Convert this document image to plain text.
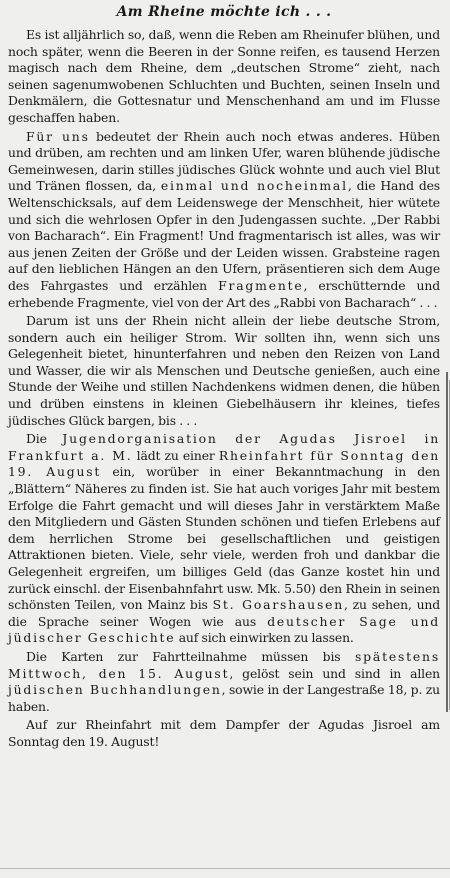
Am Rheine möchte ich . . .

Es ist alljährlich so, daß, wenn die Reben am Rheinufer blühen, und noch später, wenn die Beeren in der Sonne reifen, es tausend Herzen magisch nach dem Rheine, dem „deutschen Strome“ zieht, nach seinen sagenumwobenen Schluchten und Buchten, seinen Inseln und Denkmälern, die Gottesnatur und Menschenhand am und im Flusse geschaffen haben.

Für uns bedeutet der Rhein auch noch etwas anderes. Hüben und drüben, am rechten und am linken Ufer, waren blühende jüdische Gemeinwesen, darin stilles jüdisches Glück wohnte und auch viel Blut und Tränen flossen, da, einmal und nocheinmal, die Hand des Weltenschicksals, auf dem Leidenswege der Menschheit, hier wütete und sich die wehrlosen Opfer in den Judengassen suchte. „Der Rabbi von Bacharach“. Ein Fragment! Und fragmentarisch ist alles, was wir aus jenen Zeiten der Größe und der Leiden wissen. Grabsteine ragen auf den lieblichen Hängen an den Ufern, präsentieren sich dem Auge des Fahrgastes und erzählen Fragmente, erschütternde und erhebende Fragmente, viel von der Art des „Rabbi von Bacharach“ . . .

Darum ist uns der Rhein nicht allein der liebe deutsche Strom, sondern auch ein heiliger Strom. Wir sollten ihn, wenn sich uns Gelegenheit bietet, hinunterfahren und neben den Reizen von Land und Wasser, die wir als Menschen und Deutsche genießen, auch eine Stunde der Weihe und stillen Nachdenkens widmen denen, die hüben und drüben einstens in kleinen Giebelhäusern ihr kleines, tiefes jüdisches Glück bargen, bis . . .

Die Jugendorganisation der Agudas Jisroel in Frankfurt a. M. lädt zu einer Rheinfahrt für Sonntag den 19. August ein, worüber in einer Bekanntmachung in den „Blättern“ Näheres zu finden ist. Sie hat auch voriges Jahr mit bestem Erfolge die Fahrt gemacht und will dieses Jahr in verstärktem Maße den Mitgliedern und Gästen Stunden schönen und tiefen Erlebens auf dem herrlichen Strome bei gesellschaftlichen und geistigen Attraktionen bieten. Viele, sehr viele, werden froh und dankbar die Gelegenheit ergreifen, um billiges Geld (das Ganze kostet hin und zurück einschl. der Eisenbahnfahrt usw. Mk. 5.50) den Rhein in seinen schönsten Teilen, von Mainz bis St. Goarshausen, zu sehen, und die Sprache seiner Wogen wie aus deutscher Sage und jüdischer Geschichte auf sich einwirken zu lassen.

Die Karten zur Fahrtteilnahme müssen bis spätestens Mittwoch, den 15. August, gelöst sein und sind in allen jüdischen Buchhandlungen, sowie in der Langestraße 18, p. zu haben.

Auf zur Rheinfahrt mit dem Dampfer der Agudas Jisroel am Sonntag den 19. August!
